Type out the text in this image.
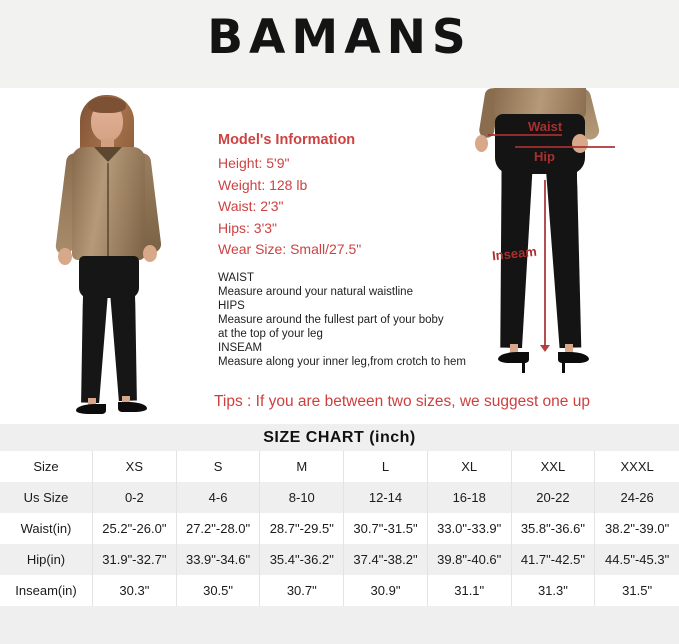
BAMANS
Model's Information
Height: 5'9"
Weight: 128 lb
Waist: 2'3"
Hips: 3'3"
Wear Size: Small/27.5"
WAIST
Measure around your natural waistline
HIPS
Measure around the fullest part of your boby
at the top of your leg
INSEAM
Measure along your inner leg,from crotch to hem
Waist
Hip
Inseam
Tips : If you are between two sizes, we suggest one up
SIZE CHART (inch)
Size	XS	S	M	L	XL	XXL	XXXL
Us Size	0-2	4-6	8-10	12-14	16-18	20-22	24-26
Waist(in)	25.2"-26.0"	27.2"-28.0"	28.7"-29.5"	30.7"-31.5"	33.0"-33.9"	35.8"-36.6"	38.2"-39.0"
Hip(in)	31.9"-32.7"	33.9"-34.6"	35.4"-36.2"	37.4"-38.2"	39.8"-40.6"	41.7"-42.5"	44.5"-45.3"
Inseam(in)	30.3"	30.5"	30.7"	30.9"	31.1"	31.3"	31.5"
